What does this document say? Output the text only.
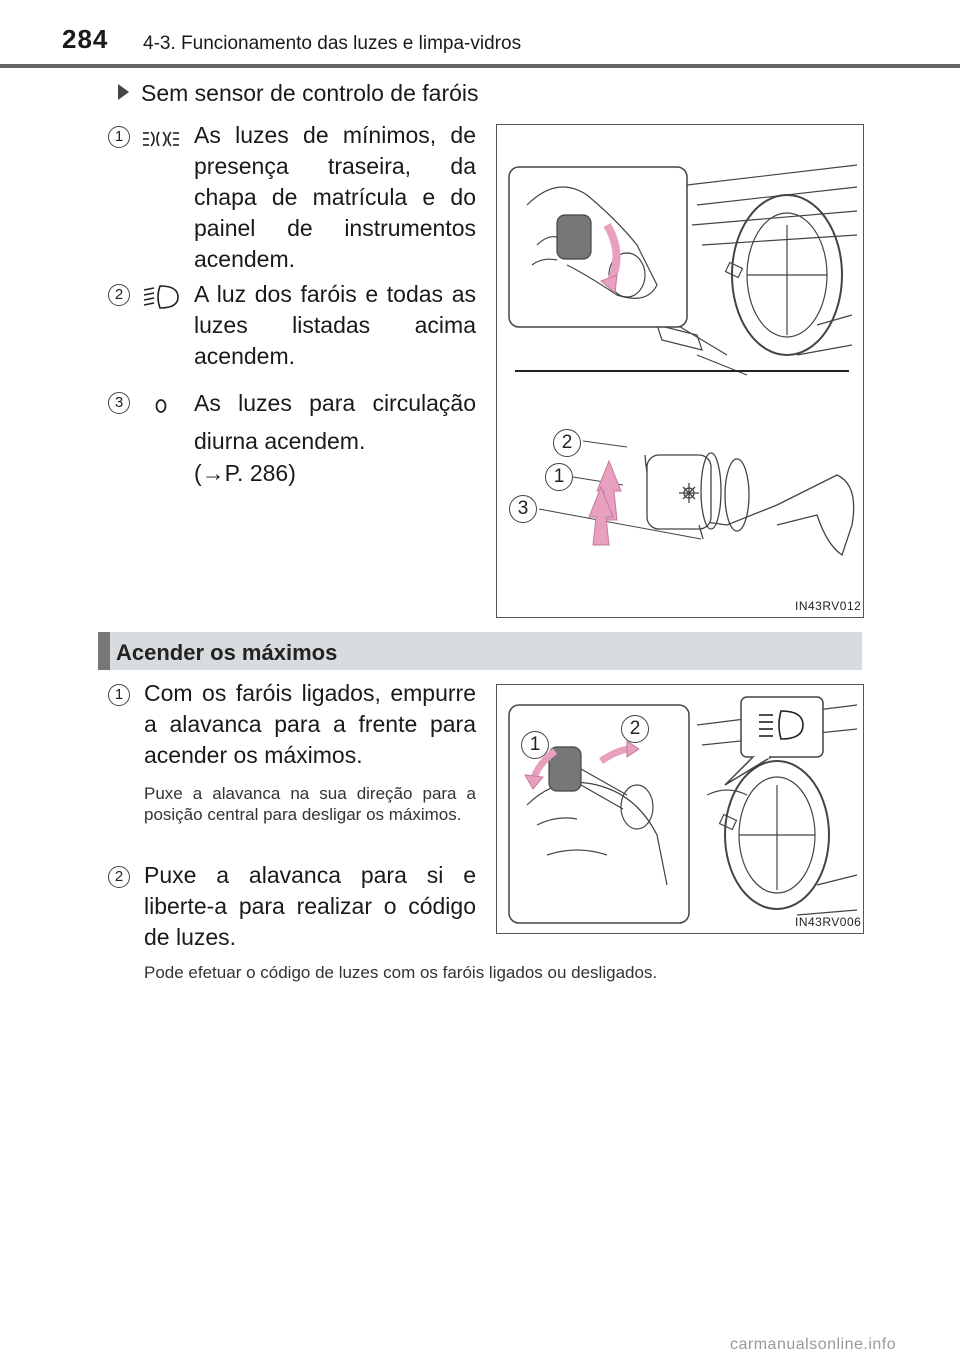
284 4-3. Funcionamento das luzes e limpa-vidros
Sem sensor de controlo de faróis
1	As luzes de mínimos, de presença traseira, da chapa de matrícula e do painel de instrumentos acendem.
2	A luz dos faróis e todas as luzes listadas acima acendem.
3	As luzes para circulação
diurna acendem.
(→P. 286)
2
1
3
IN43RV012
Acender os máximos
1 Com os faróis ligados, empurre a alavanca para a frente para acender os máximos.
Puxe a alavanca na sua direção para a posição central para desligar os máximos.
2 Puxe a alavanca para si e liberte-a para realizar o código de luzes.
Pode efetuar o código de luzes com os faróis ligados ou desligados.
1
2
IN43RV006
carmanualsonline.info
